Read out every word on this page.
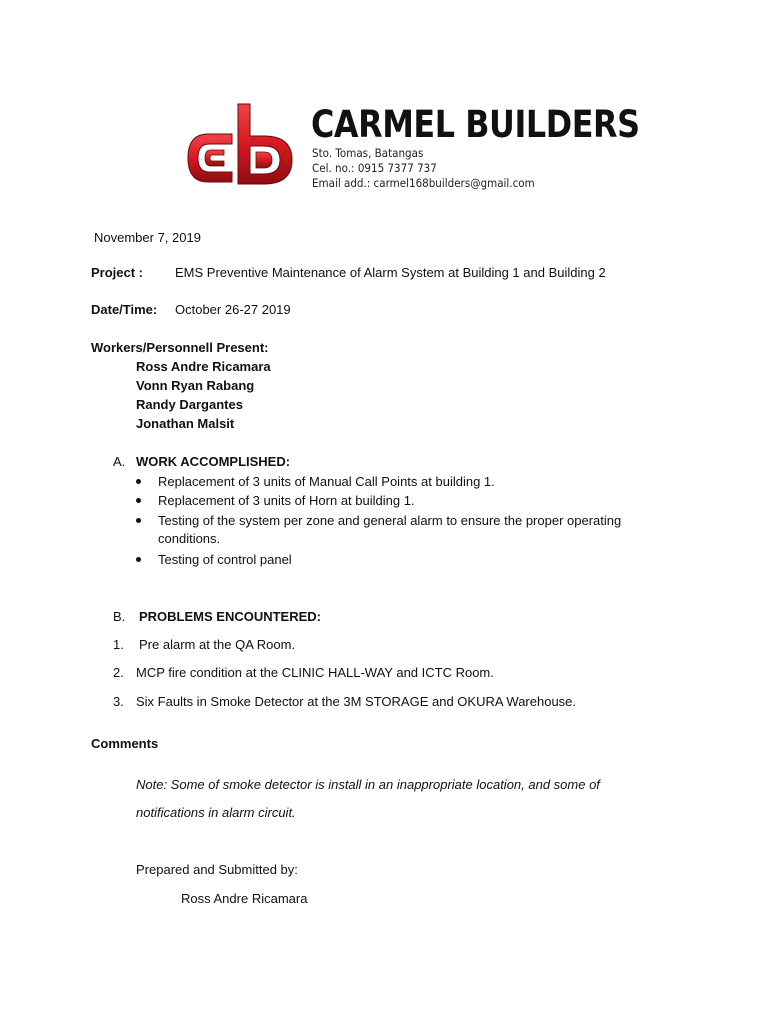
CARMEL BUILDERS
Sto. Tomas, Batangas
Cel. no.: 0915 7377 737
Email add.: carmel168builders@gmail.com
November 7, 2019
Project : EMS Preventive Maintenance of Alarm System at Building 1 and Building 2
Date/Time: October 26-27 2019
Workers/Personnell Present:
Ross Andre Ricamara
Vonn Ryan Rabang
Randy Dargantes
Jonathan Malsit
A. WORK ACCOMPLISHED:
Replacement of 3 units of Manual Call Points at building 1.
Replacement of 3 units of Horn at building 1.
Testing of the system per zone and general alarm to ensure the proper operating
conditions.
Testing of control panel
B. PROBLEMS ENCOUNTERED:
1. Pre alarm at the QA Room.
2. MCP fire condition at the CLINIC HALL-WAY and ICTC Room.
3. Six Faults in Smoke Detector at the 3M STORAGE and OKURA Warehouse.
Comments
Note: Some of smoke detector is install in an inappropriate location, and some of
notifications in alarm circuit.
Prepared and Submitted by:
Ross Andre Ricamara
